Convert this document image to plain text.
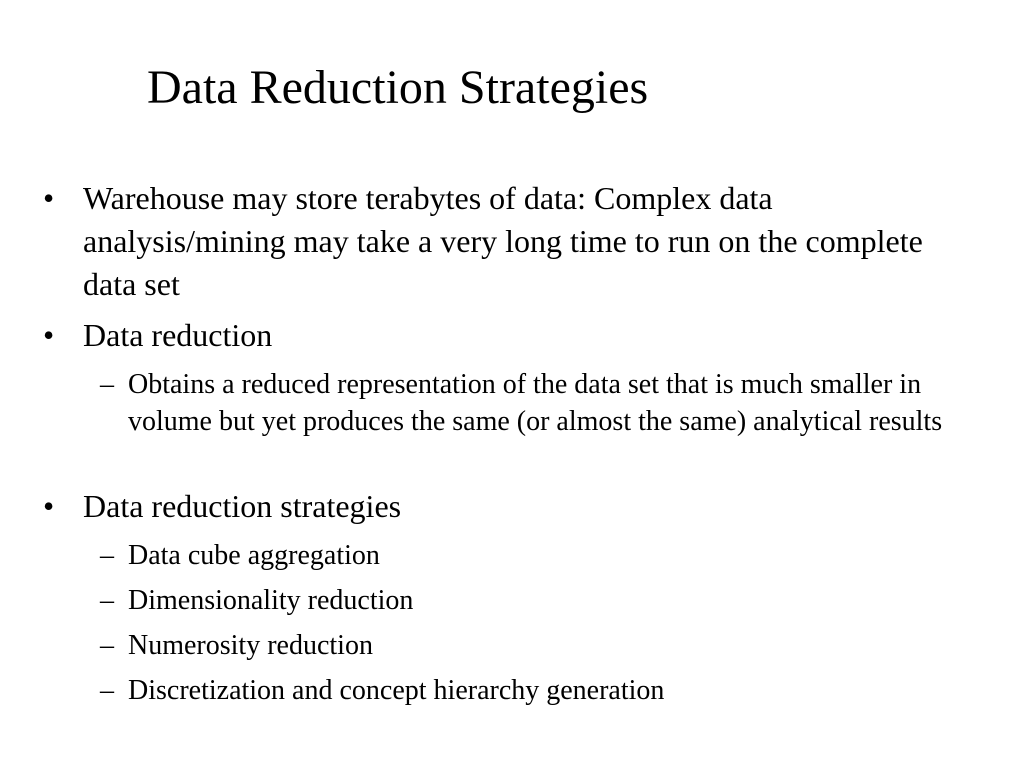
Data Reduction Strategies
• Warehouse may store terabytes of data: Complex data analysis/mining may take a very long time to run on the complete data set
• Data reduction
– Obtains a reduced representation of the data set that is much smaller in volume but yet produces the same (or almost the same) analytical results
• Data reduction strategies
– Data cube aggregation
– Dimensionality reduction
– Numerosity reduction
– Discretization and concept hierarchy generation
